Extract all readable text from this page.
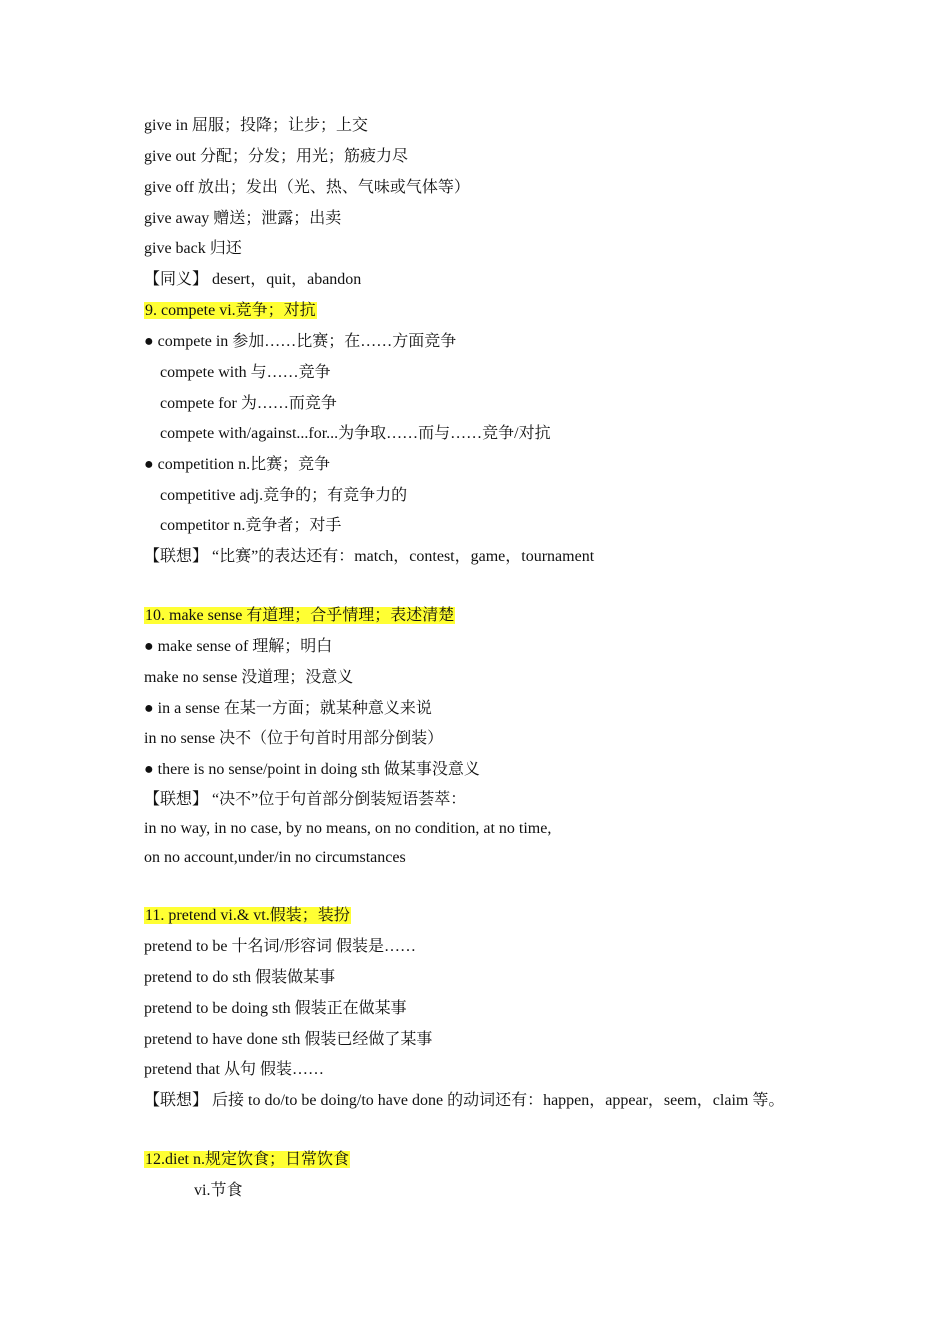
give in 屈服；投降；让步；上交
give out 分配；分发；用光；筋疲力尽
give off 放出；发出（光、热、气味或气体等）
give away 赠送；泄露；出卖
give back 归还
【同义】 desert，quit，abandon
9. compete vi.竞争；对抗
● compete in 参加……比赛；在……方面竞争
compete with 与……竞争
compete for 为……而竞争
compete with/against...for...为争取……而与……竞争/对抗
● competition n.比赛；竞争
competitive adj.竞争的；有竞争力的
competitor n.竞争者；对手
【联想】 “比赛”的表达还有：match，contest，game，tournament
10. make sense 有道理；合乎情理；表述清楚
● make sense of 理解；明白
make no sense 没道理；没意义
● in a sense 在某一方面；就某种意义来说
in no sense 决不（位于句首时用部分倒装）
● there is no sense/point in doing sth 做某事没意义
【联想】 “决不”位于句首部分倒装短语荟萃：
in no way, in no case, by no means, on no condition, at no time,
on no account,under/in no circumstances
11. pretend vi.& vt.假装；装扮
pretend to be 十名词/形容词 假装是……
pretend to do sth 假装做某事
pretend to be doing sth 假装正在做某事
pretend to have done sth 假装已经做了某事
pretend that 从句 假装……
【联想】 后接 to do/to be doing/to have done 的动词还有：happen，appear，seem，claim 等。
12.diet n.规定饮食；日常饮食
vi.节食
